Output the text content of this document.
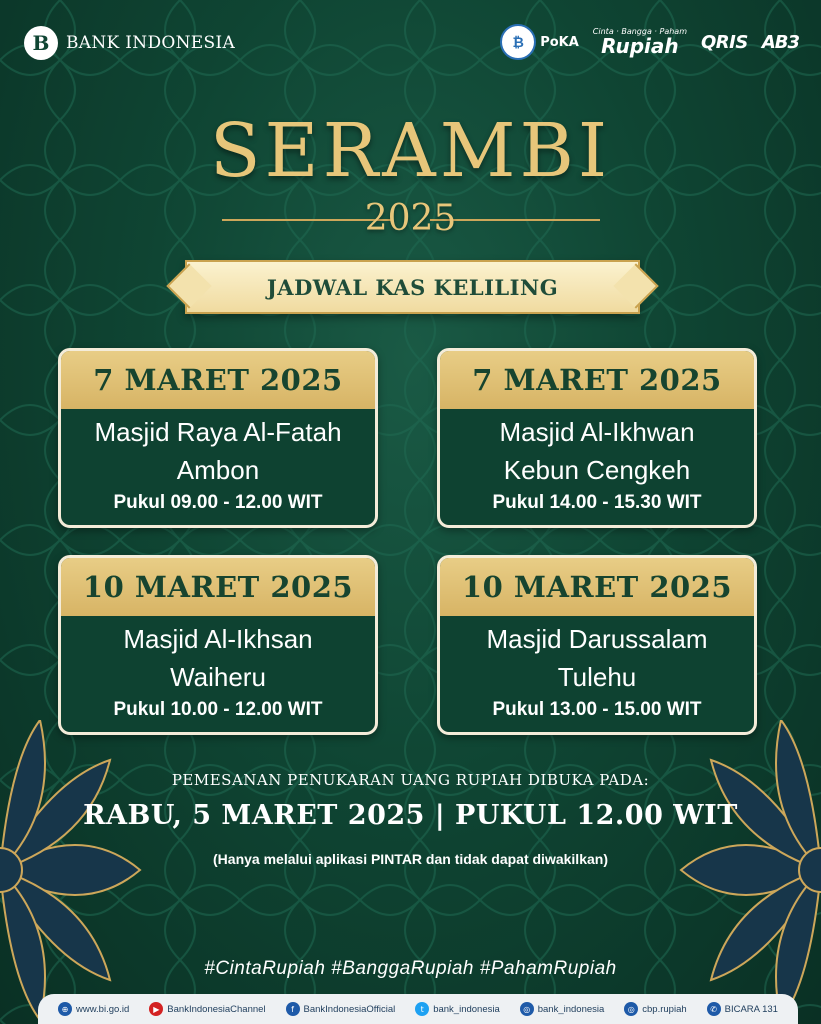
B BANK INDONESIA	₿	PoKA
Cinta · Bangga · Paham
Rupiah QRIS AB3
SERAMBI
2025
JADWAL KAS KELILING
7 MARET 2025
Masjid Raya Al-Fatah
Ambon
Pukul 09.00 - 12.00 WIT
7 MARET 2025
Masjid Al-Ikhwan
Kebun Cengkeh
Pukul 14.00 - 15.30 WIT
10 MARET 2025
Masjid Al-Ikhsan
Waiheru
Pukul 10.00 - 12.00 WIT
10 MARET 2025
Masjid Darussalam
Tulehu
Pukul 13.00 - 15.00 WIT
PEMESANAN PENUKARAN UANG RUPIAH DIBUKA PADA:
RABU, 5 MARET 2025 | PUKUL 12.00 WIT
(Hanya melalui aplikasi PINTAR dan tidak dapat diwakilkan)
#CintaRupiah #BanggaRupiah #PahamRupiah
⊕ www.bi.go.id	▶ BankIndonesiaChannel	f	BankIndonesiaOfficial	t bank_indonesia	◎ bank_indonesia	◎ cbp.rupiah	✆ BICARA 131
